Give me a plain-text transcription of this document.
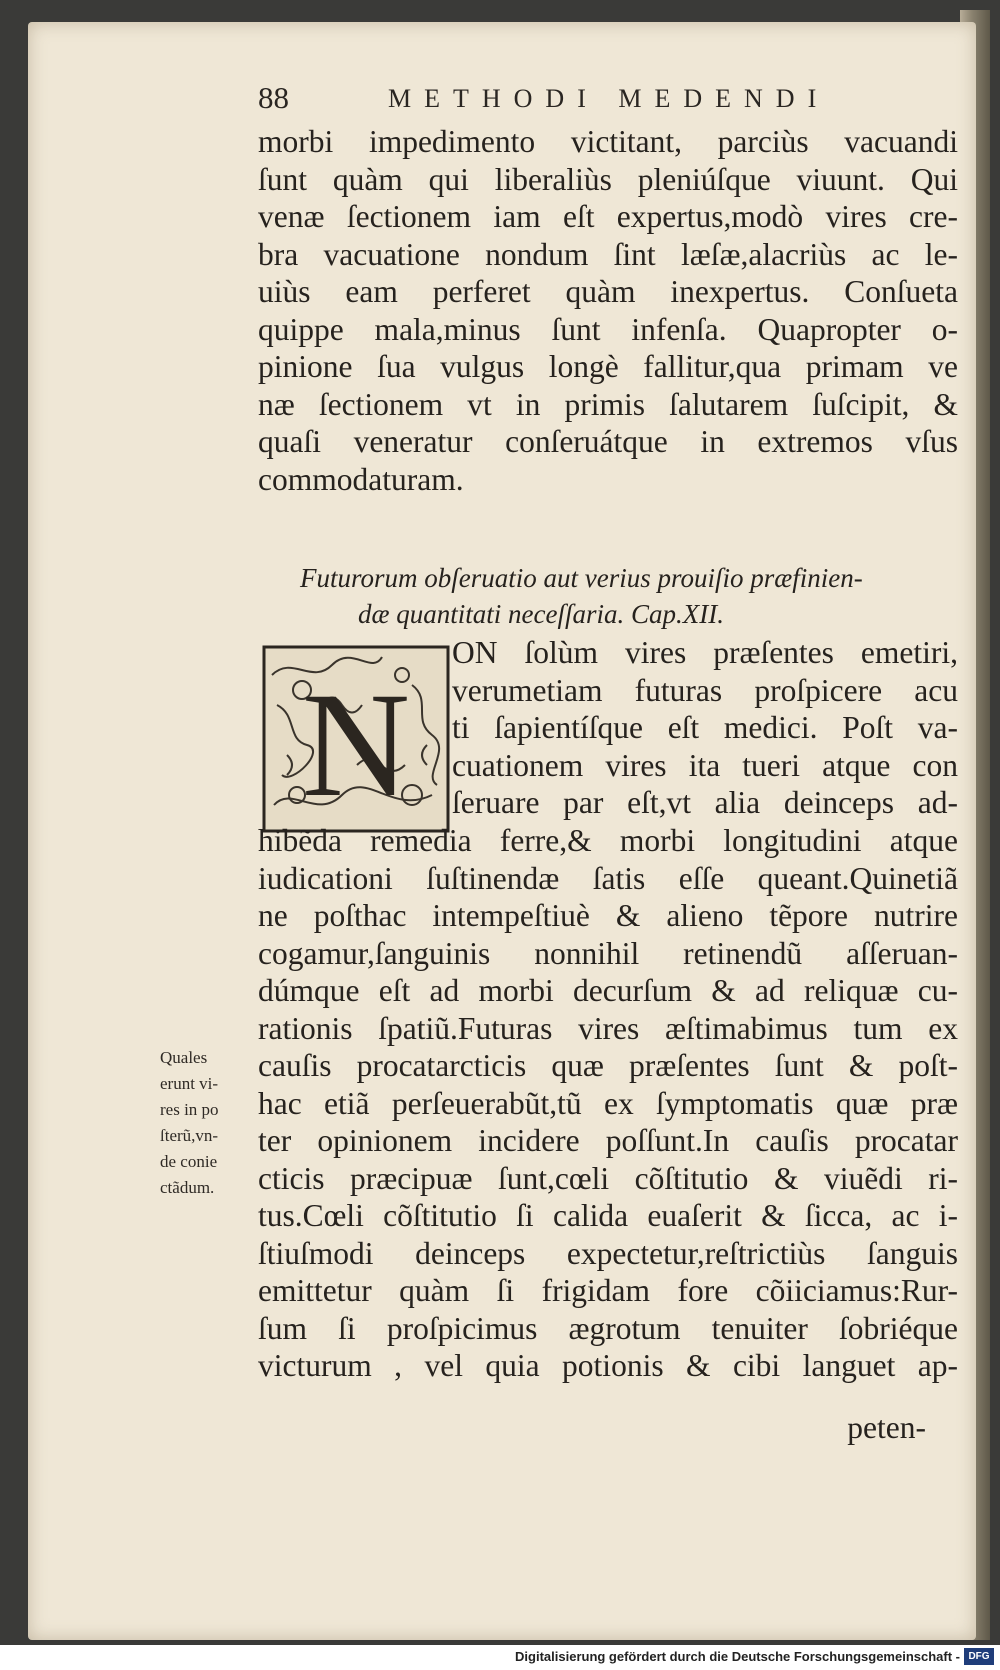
88	METHODI MEDENDI
morbi impedimento victitant, parciùs vacuandi
ſunt quàm qui liberaliùs pleniúſque viuunt. Qui
venæ ſectionem iam eſt expertus,modò vires cre-
bra vacuatione nondum ſint læſæ,alacriùs ac le-
uiùs eam perferet quàm inexpertus. Conſueta
quippe mala,minus ſunt infenſa. Quapropter o-
pinione ſua vulgus longè fallitur,qua primam ve
næ ſectionem vt in primis ſalutarem ſuſcipit, &
quaſi veneratur conſeruátque in extremos vſus
commodaturam.
Futurorum obſeruatio aut verius prouiſio præfinien-
dæ quantitati neceſſaria. Cap.XII.
N
ON ſolùm vires præſentes emetiri,
verumetiam futuras proſpicere acu
ti ſapientíſque eſt medici. Poſt va-
cuationem vires ita tueri atque con
ſeruare par eſt,vt alia deinceps ad-
hibẽda remedia ferre,& morbi longitudini atque
iudicationi ſuſtinendæ ſatis eſſe queant.Quinetiã
ne poſthac intempeſtiuè & alieno tẽpore nutrire
cogamur,ſanguinis nonnihil retinendũ aſſeruan-
dúmque eſt ad morbi decurſum & ad reliquæ cu-
rationis ſpatiũ.Futuras vires æſtimabimus tum ex
cauſis procatarcticis quæ præſentes ſunt & poſt-
hac etiã perſeuerabũt,tũ ex ſymptomatis quæ præ
ter opinionem incidere poſſunt.In cauſis procatar
cticis præcipuæ ſunt,cœli cõſtitutio & viuẽdi ri-
tus.Cœli cõſtitutio ſi calida euaſerit & ſicca, ac i-
ſtiuſmodi deinceps expectetur,reſtrictiùs ſanguis
emittetur quàm ſi frigidam fore cõiiciamus:Rur-
ſum ſi proſpicimus ægrotum tenuiter ſobriéque
victurum , vel quia potionis & cibi languet ap-
peten-
Quales
erunt vi-
res in po
ſterũ,vn-
de conie
ctãdum.
Digitalisierung gefördert durch die Deutsche Forschungsgemeinschaft - DFG
